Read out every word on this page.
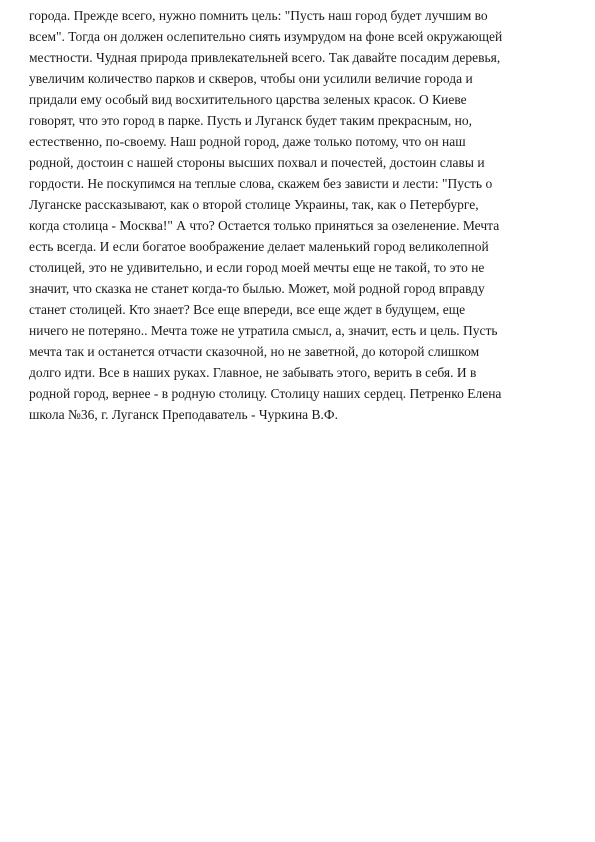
города. Прежде всего, нужно помнить цель: "Пусть наш город будет лучшим во
всем". Тогда он должен ослепительно сиять изумрудом на фоне всей окружающей
местности. Чудная природа привлекательней всего. Так давайте посадим деревья,
увеличим количество парков и скверов, чтобы они усилили величие города и
придали ему особый вид восхитительного царства зеленых красок. О Киеве
говорят, что это город в парке. Пусть и Луганск будет таким прекрасным, но,
естественно, по-своему. Наш родной город, даже только потому, что он наш
родной, достоин с нашей стороны высших похвал и почестей, достоин славы и
гордости. Не поскупимся на теплые слова, скажем без зависти и лести: "Пусть о
Луганске рассказывают, как о второй столице Украины, так, как о Петербурге,
когда столица - Москва!" А что? Остается только приняться за озеленение. Мечта
есть всегда. И если богатое воображение делает маленький город великолепной
столицей, это не удивительно, и если город моей мечты еще не такой, то это не
значит, что сказка не станет когда-то былью. Может, мой родной город вправду
станет столицей. Кто знает? Все еще впереди, все еще ждет в будущем, еще
ничего не потеряно.. Мечта тоже не утратила смысл, а, значит, есть и цель. Пусть
мечта так и останется отчасти сказочной, но не заветной, до которой слишком
долго идти. Все в наших руках. Главное, не забывать этого, верить в себя. И в
родной город, вернее - в родную столицу. Столицу наших сердец. Петренко Елена
школа №36, г. Луганск Преподаватель - Чуркина В.Ф.
